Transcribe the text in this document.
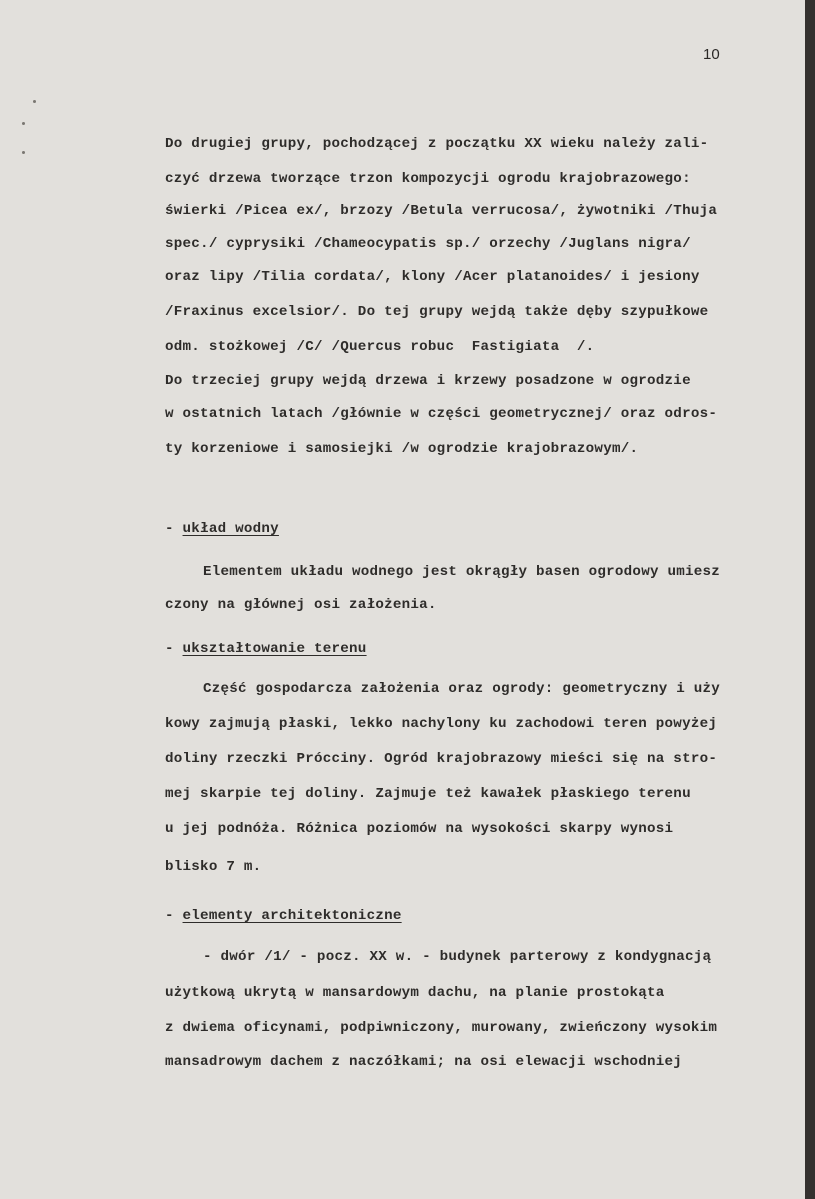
10
Do drugiej grupy, pochodzącej z początku XX wieku należy zali-
czyć drzewa tworzące trzon kompozycji ogrodu krajobrazowego:
świerki /Picea ex/, brzozy /Betula verrucosa/, żywotniki /Thuja
spec./ cyprysiki /Chameocypatis sp./ orzechy /Juglans nigra/
oraz lipy /Tilia cordata/, klony /Acer platanoides/ i jesiony
/Fraxinus excelsior/. Do tej grupy wejdą także dęby szypułkowe
odm. stożkowej /C/ /Quercus robuc  Fastigiata  /.
Do trzeciej grupy wejdą drzewa i krzewy posadzone w ogrodzie
w ostatnich latach /głównie w części geometrycznej/ oraz odros-
ty korzeniowe i samosiejki /w ogrodzie krajobrazowym/.
- układ wodny
Elementem układu wodnego jest okrągły basen ogrodowy umiesz
czony na głównej osi założenia.
- ukształtowanie terenu
Część gospodarcza założenia oraz ogrody: geometryczny i uży
kowy zajmują płaski, lekko nachylony ku zachodowi teren powyżej
doliny rzeczki Prócciny. Ogród krajobrazowy mieści się na stro-
mej skarpie tej doliny. Zajmuje też kawałek płaskiego terenu
u jej podnóża. Różnica poziomów na wysokości skarpy wynosi
blisko 7 m.
- elementy architektoniczne
- dwór /1/ - pocz. XX w. - budynek parterowy z kondygnacją
użytkową ukrytą w mansardowym dachu, na planie prostokąta
z dwiema oficynami, podpiwniczony, murowany, zwieńczony wysokim
mansadrowym dachem z naczółkami; na osi elewacji wschodniej
